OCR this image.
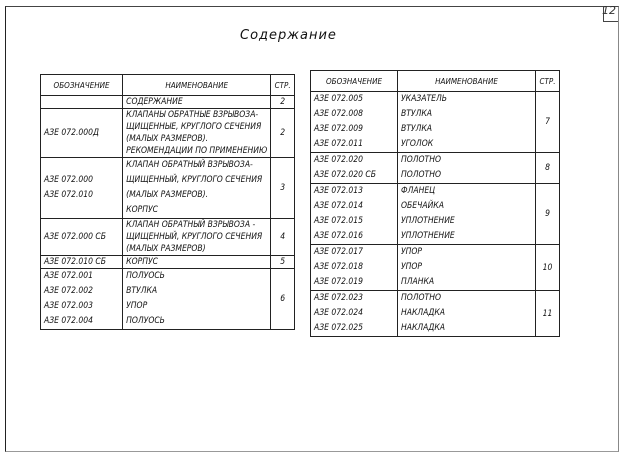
12
Содержание
ОБОЗНАЧЕНИЕ	НАИМЕНОВАНИЕ	СТР.

	СОДЕРЖАНИЕ	2

АЗЕ 072.000Д	КЛАПАНЫ ОБРАТНЫЕ ВЗРЫВОЗА-
ЩИЩЕННЫЕ, КРУГЛОГО СЕЧЕНИЯ
(МАЛЫХ РАЗМЕРОВ).
РЕКОМЕНДАЦИИ ПО ПРИМЕНЕНИЮ	2

АЗЕ 072.000
АЗЕ 072.010	КЛАПАН ОБРАТНЫЙ ВЗРЫВОЗА-
ЩИЩЕННЫЙ, КРУГЛОГО СЕЧЕНИЯ
(МАЛЫХ РАЗМЕРОВ).
КОРПУС	3

АЗЕ 072.000 СБ	КЛАПАН ОБРАТНЫЙ ВЗРЫВОЗА -
ЩИЩЕННЫЙ, КРУГЛОГО СЕЧЕНИЯ
(МАЛЫХ РАЗМЕРОВ)	4

АЗЕ 072.010 СБ	КОРПУС	5

АЗЕ 072.001
АЗЕ 072.002
АЗЕ 072.003
АЗЕ 072.004	ПОЛУОСЬ
ВТУЛКА
УПОР
ПОЛУОСЬ	6
ОБОЗНАЧЕНИЕ	НАИМЕНОВАНИЕ	СТР.

АЗЕ 072.005
АЗЕ 072.008
АЗЕ 072.009
АЗЕ 072.011	УКАЗАТЕЛЬ
ВТУЛКА
ВТУЛКА
УГОЛОК	7

АЗЕ 072.020
АЗЕ 072.020 СБ	ПОЛОТНО
ПОЛОТНО	8

АЗЕ 072.013
АЗЕ 072.014
АЗЕ 072.015
АЗЕ 072.016	ФЛАНЕЦ
ОБЕЧАЙКА
УПЛОТНЕНИЕ
УПЛОТНЕНИЕ	9

АЗЕ 072.017
АЗЕ 072.018
АЗЕ 072.019	УПОР
УПОР
ПЛАНКА	10

АЗЕ 072.023
АЗЕ 072.024
АЗЕ 072.025	ПОЛОТНО
НАКЛАДКА
НАКЛАДКА	11
